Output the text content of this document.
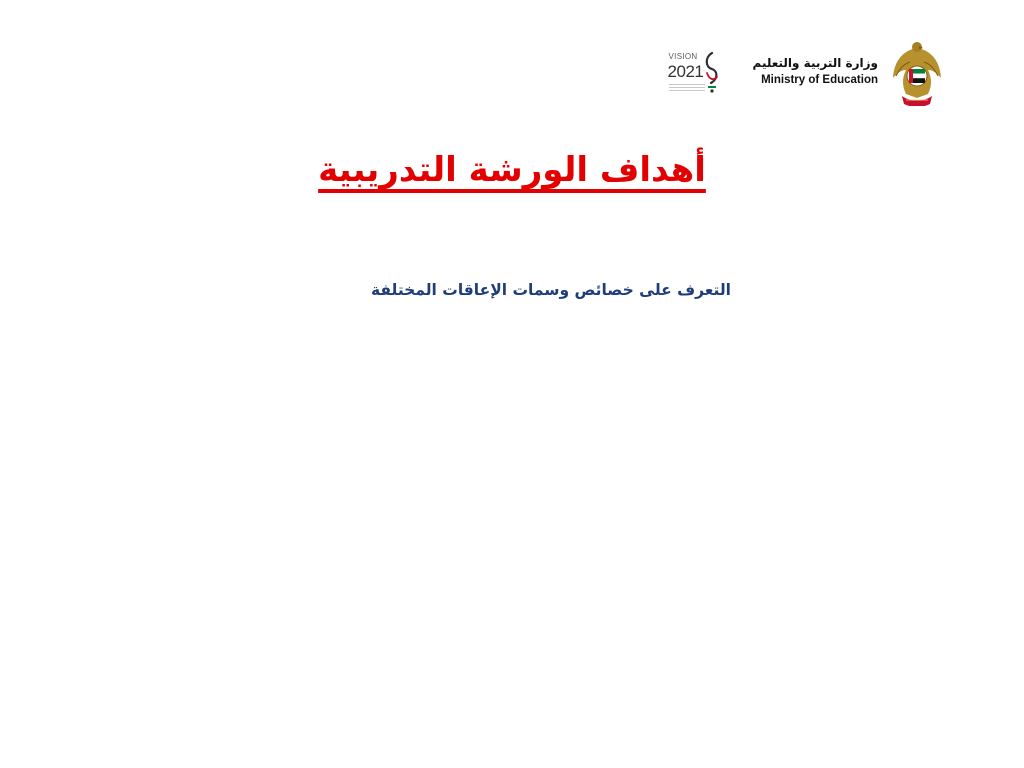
VISION
2021	وزارة التربية والتعليم
Ministry of Education
أهداف الورشة التدريبية
التعرف على خصائص وسمات الإعاقات المختلفة
